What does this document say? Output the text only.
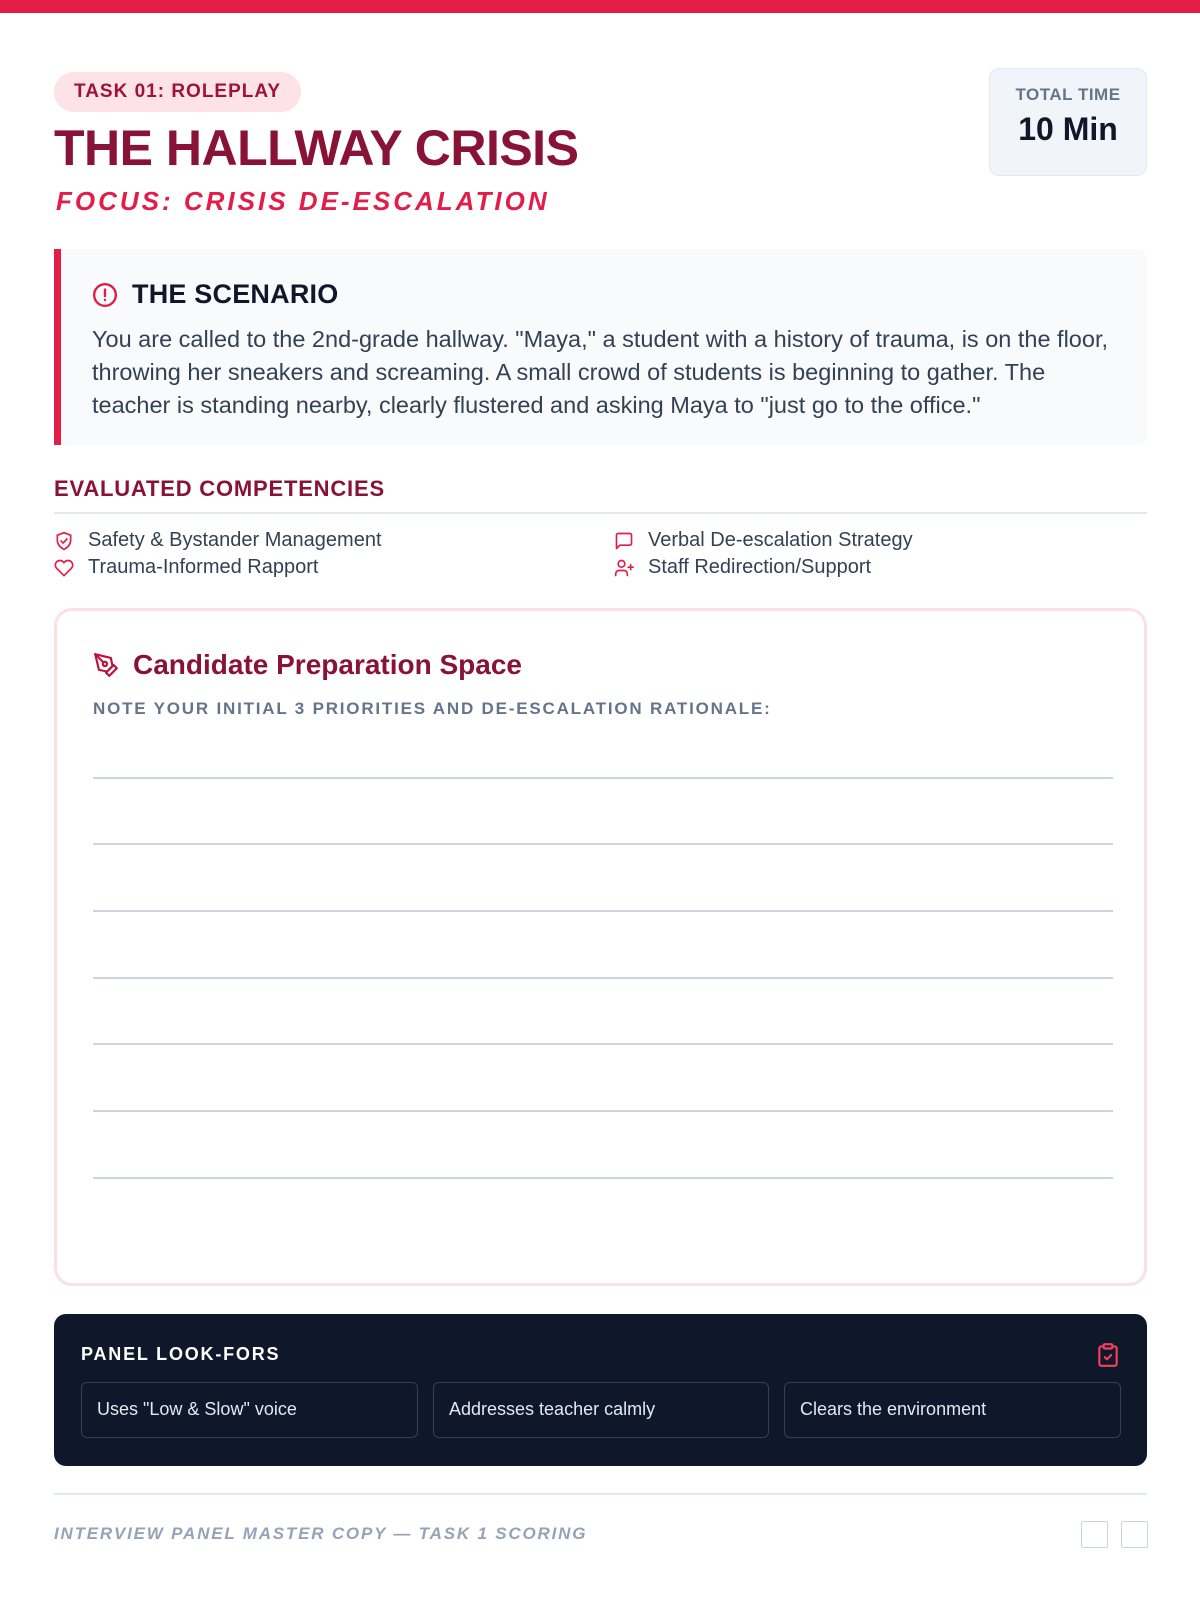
TASK 01: ROLEPLAY
THE HALLWAY CRISIS
FOCUS: CRISIS DE-ESCALATION
TOTAL TIME
10 Min
THE SCENARIO
You are called to the 2nd-grade hallway. "Maya," a student with a history of trauma, is on the floor, throwing her sneakers and screaming. A small crowd of students is beginning to gather. The teacher is standing nearby, clearly flustered and asking Maya to "just go to the office."
EVALUATED COMPETENCIES
Safety & Bystander Management	Verbal De-escalation Strategy
Trauma-Informed Rapport	Staff Redirection/Support
Candidate Preparation Space
NOTE YOUR INITIAL 3 PRIORITIES AND DE-ESCALATION RATIONALE:
PANEL LOOK-FORS
Uses "Low & Slow" voice	Addresses teacher calmly	Clears the environment
INTERVIEW PANEL MASTER COPY — TASK 1 SCORING
